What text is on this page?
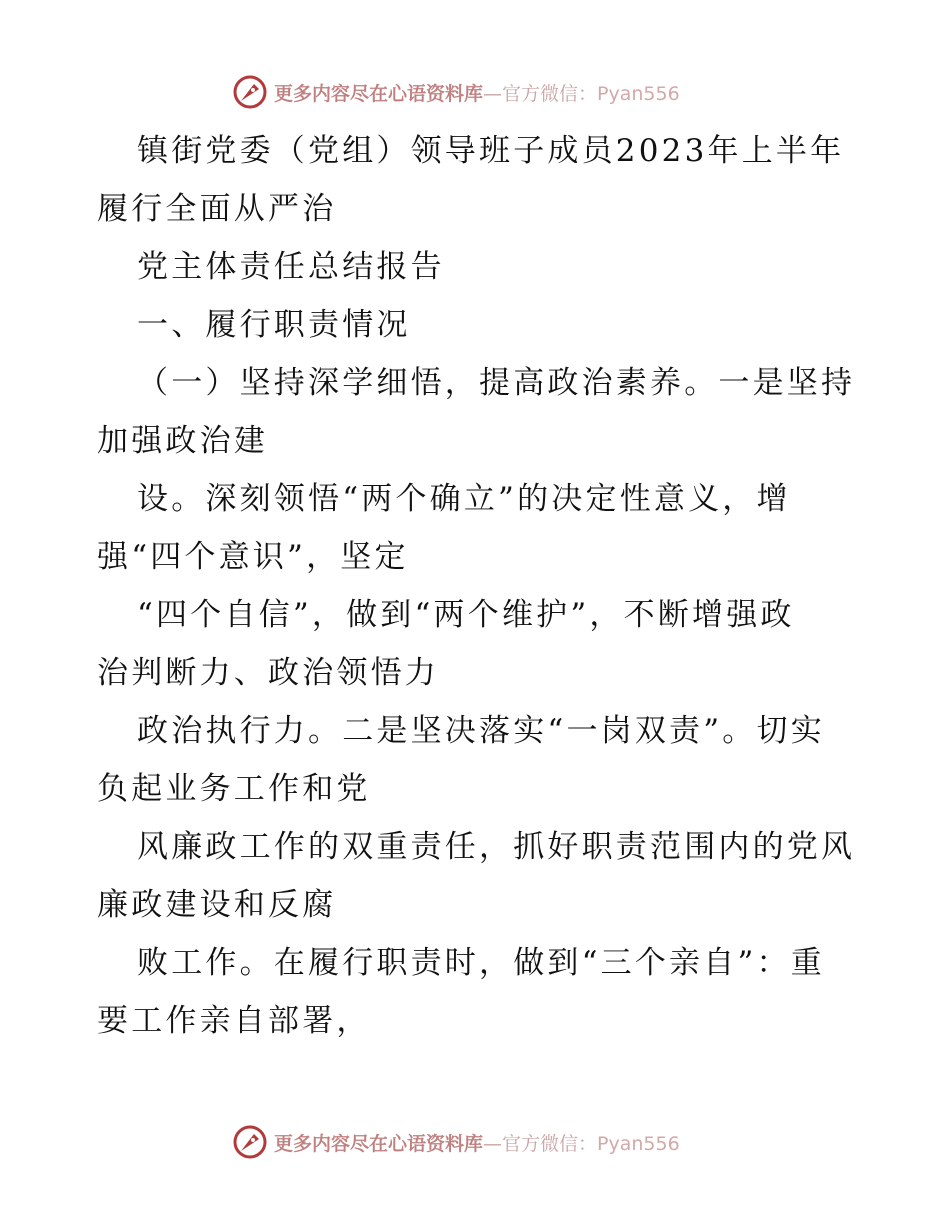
更多内容尽在心语资料库—官方微信：Pyan556
镇街党委（党组）领导班子成员2023年上半年
履行全面从严治
党主体责任总结报告
一、履行职责情况
（一）坚持深学细悟，提高政治素养。一是坚持
加强政治建
设。深刻领悟“两个确立”的决定性意义，增
强“四个意识”，坚定
“四个自信”，做到“两个维护”，不断增强政
治判断力、政治领悟力
政治执行力。二是坚决落实“一岗双责”。切实
负起业务工作和党
风廉政工作的双重责任，抓好职责范围内的党风
廉政建设和反腐
败工作。在履行职责时，做到“三个亲自”：重
要工作亲自部署，
更多内容尽在心语资料库—官方微信：Pyan556
